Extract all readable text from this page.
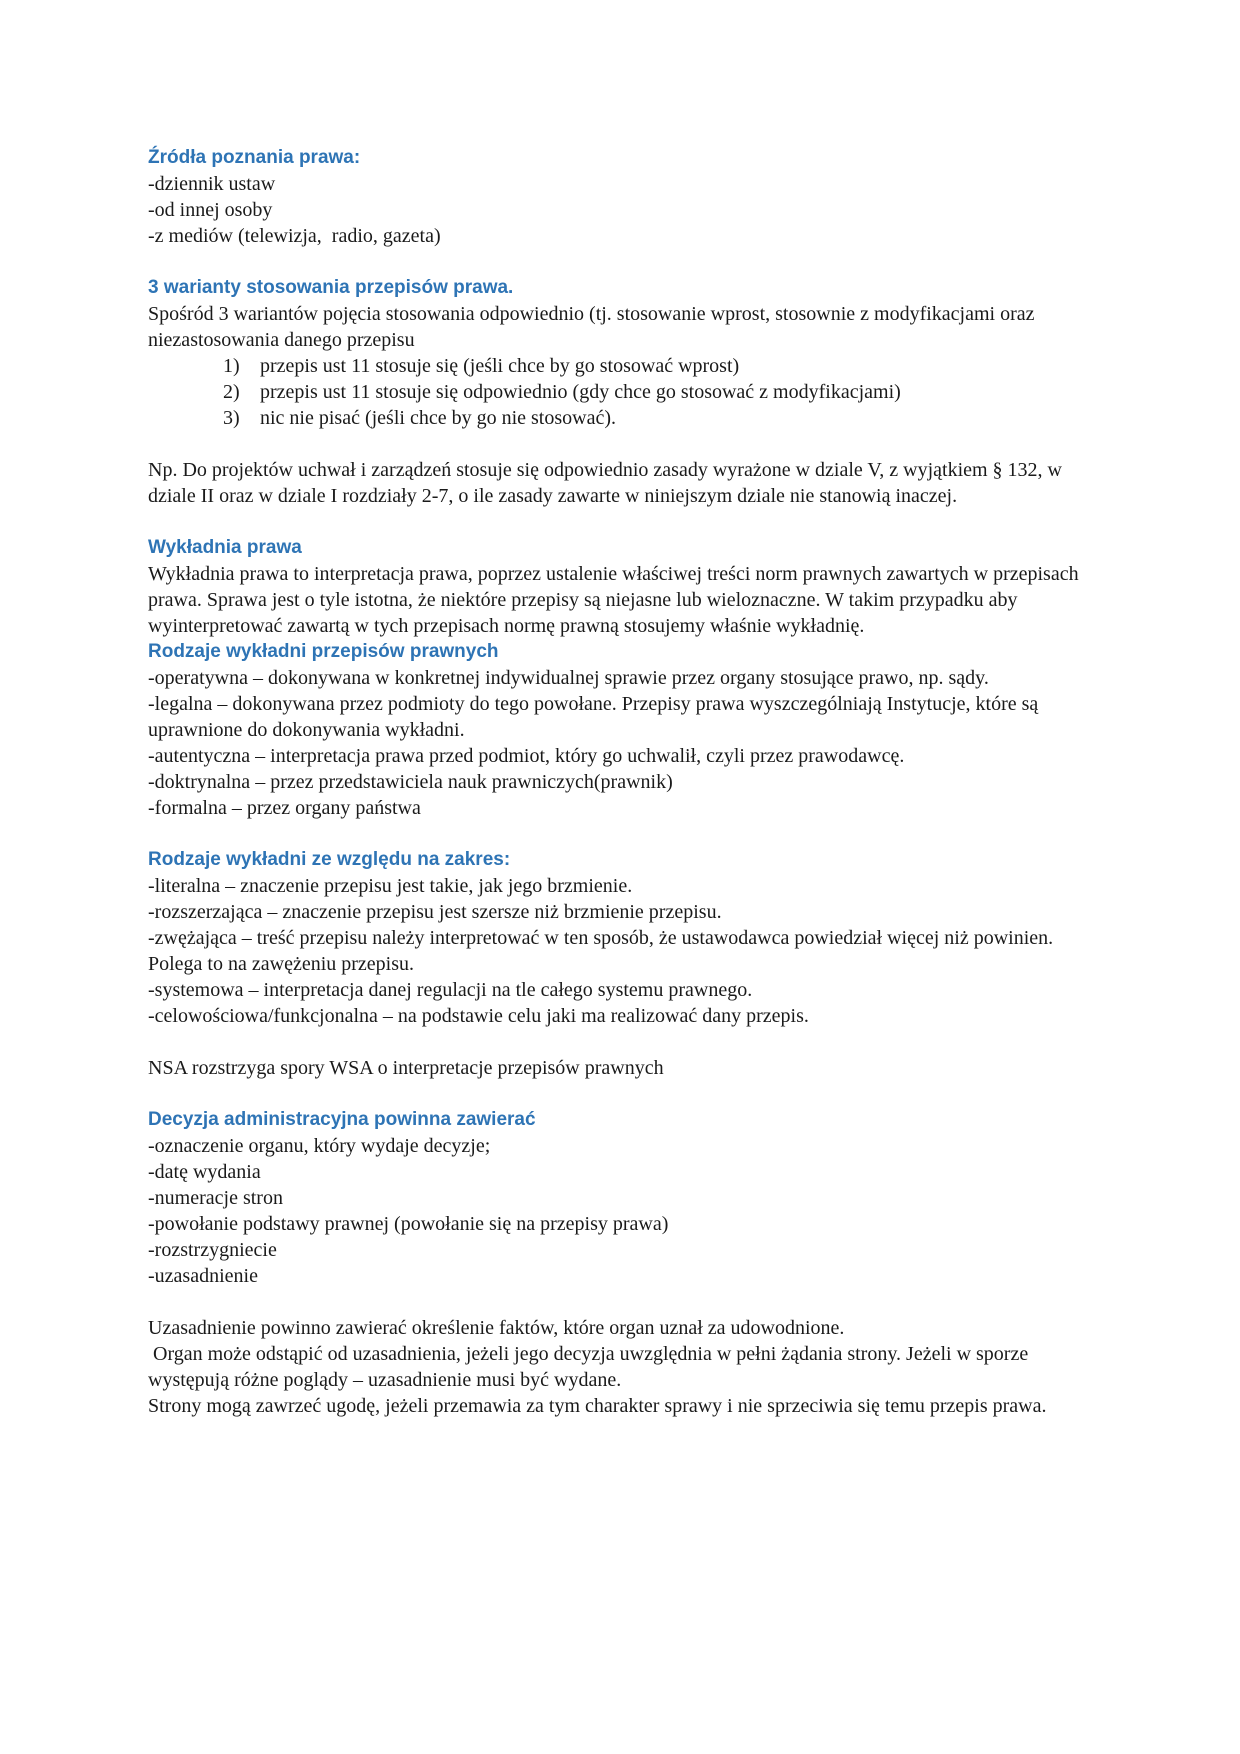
Źródła poznania prawa:
-dziennik ustaw
-od innej osoby
-z mediów (telewizja,  radio, gazeta)
3 warianty stosowania przepisów prawa.

Spośród 3 wariantów pojęcia stosowania odpowiednio (tj. stosowanie wprost, stosownie z modyfikacjami oraz niezastosowania danego przepisu

1)	przepis ust 11 stosuje się (jeśli chce by go stosować wprost)
2)	przepis ust 11 stosuje się odpowiednio (gdy chce go stosować z modyfikacjami)
3)	nic nie pisać (jeśli chce by go nie stosować).

Np. Do projektów uchwał i zarządzeń stosuje się odpowiednio zasady wyrażone w dziale V, z wyjątkiem § 132, w dziale II oraz w dziale I rozdziały 2-7, o ile zasady zawarte w niniejszym dziale nie stanowią inaczej.

Wykładnia prawa

Wykładnia prawa to interpretacja prawa, poprzez ustalenie właściwej treści norm prawnych zawartych w przepisach prawa. Sprawa jest o tyle istotna, że niektóre przepisy są niejasne lub wieloznaczne. W takim przypadku aby wyinterpretować zawartą w tych przepisach normę prawną stosujemy właśnie wykładnię.

Rodzaje wykładni przepisów prawnych

-operatywna – dokonywana w konkretnej indywidualnej sprawie przez organy stosujące prawo, np. sądy.

-legalna – dokonywana przez podmioty do tego powołane. Przepisy prawa wyszczególniają Instytucje, które są uprawnione do dokonywania wykładni.

-autentyczna – interpretacja prawa przed podmiot, który go uchwalił, czyli przez prawodawcę.

-doktrynalna – przez przedstawiciela nauk prawniczych(prawnik)

-formalna – przez organy państwa

Rodzaje wykładni ze względu na zakres:

-literalna – znaczenie przepisu jest takie, jak jego brzmienie.

-rozszerzająca – znaczenie przepisu jest szersze niż brzmienie przepisu.

-zwężająca – treść przepisu należy interpretować w ten sposób, że ustawodawca powiedział więcej niż powinien. Polega to na zawężeniu przepisu.

-systemowa – interpretacja danej regulacji na tle całego systemu prawnego.

-celowościowa/funkcjonalna – na podstawie celu jaki ma realizować dany przepis.

NSA rozstrzyga spory WSA o interpretacje przepisów prawnych

Decyzja administracyjna powinna zawierać

-oznaczenie organu, który wydaje decyzje;

-datę wydania

-numeracje stron

-powołanie podstawy prawnej (powołanie się na przepisy prawa)

-rozstrzygniecie

-uzasadnienie

Uzasadnienie powinno zawierać określenie faktów, które organ uznał za udowodnione.

Organ może odstąpić od uzasadnienia, jeżeli jego decyzja uwzględnia w pełni żądania strony. Jeżeli w sporze występują różne poglądy – uzasadnienie musi być wydane.

Strony mogą zawrzeć ugodę, jeżeli przemawia za tym charakter sprawy i nie sprzeciwia się temu przepis prawa.
